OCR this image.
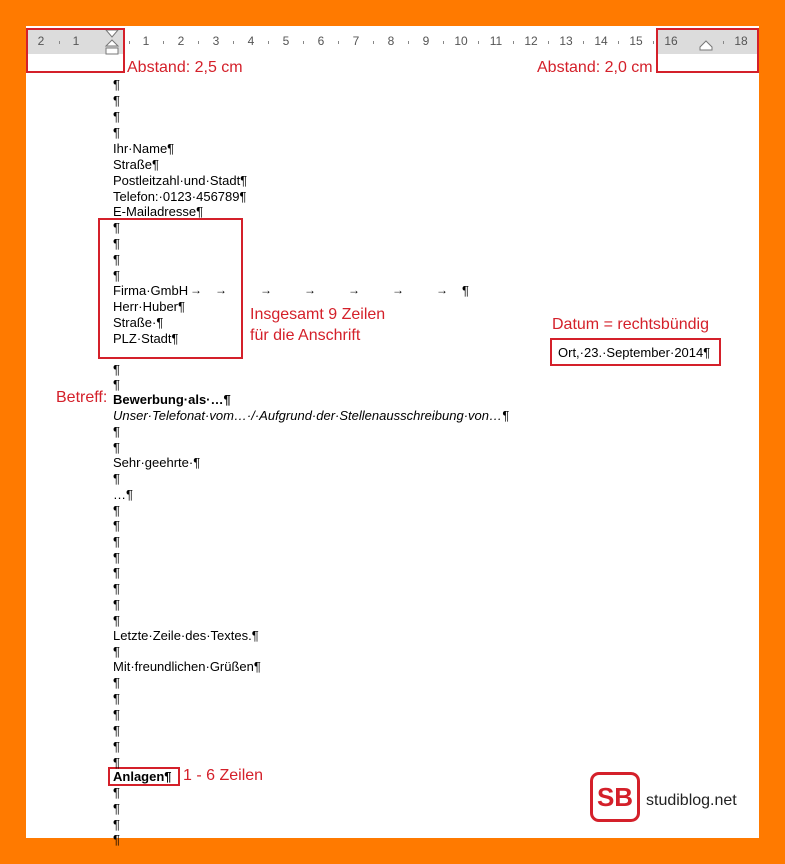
2 1	1 2 3 4 5 6 7 8 9 10 11 12 13 14 15 16	18
Abstand: 2,5 cm	Abstand: 2,0 cm
Insgesamt 9 Zeilen
für die Anschrift
Datum = rechtsbündig
Ort,·23.·September·2014¶
Betreff:
1 - 6 Zeilen
¶
¶
¶
¶
Ihr·Name¶
Straße¶
Postleitzahl·und·Stadt¶
Telefon:·0123·456789¶
E-Mailadresse¶
¶
¶
¶
¶
Firma·GmbH → →	→	→	→	→	→ ¶
Herr·Huber¶
Straße·¶
PLZ·Stadt¶
¶
¶
Bewerbung·als·…¶
Unser·Telefonat·vom…·/·Aufgrund·der·Stellenausschreibung·von…¶
¶
¶
Sehr·geehrte·¶
¶
…¶
¶
¶
¶
¶
¶
¶
¶
¶
Letzte·Zeile·des·Textes.¶
¶
Mit·freundlichen·Grüßen¶
¶
¶
¶
¶
¶
¶
Anlagen¶
¶
¶
¶
¶
SB studiblog.net
